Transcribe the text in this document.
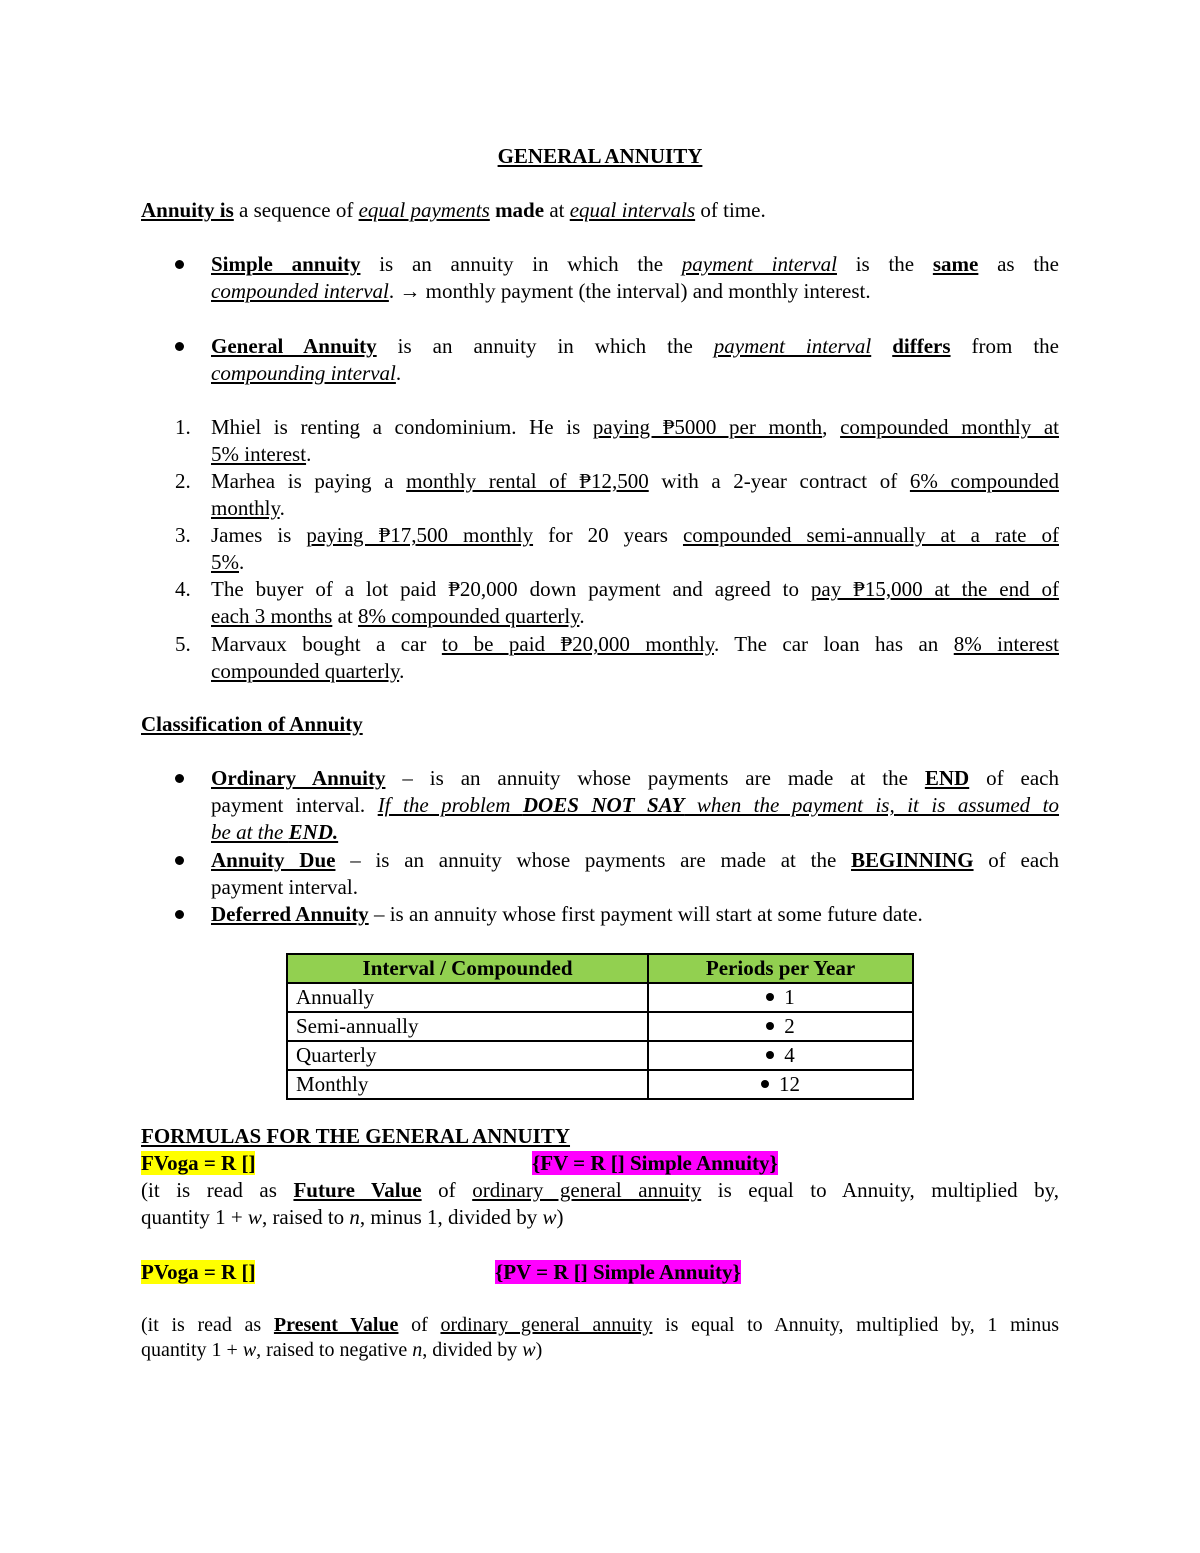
GENERAL ANNUITY
Annuity is a sequence of equal payments made at equal intervals of time.
Simple annuity is an annuity in which the payment interval is the same as the
compounded interval. → monthly payment (the interval) and monthly interest.
General Annuity is an annuity in which the payment interval differs from the
compounding interval.
1. Mhiel is renting a condominium. He is paying ₱5000 per month, compounded monthly at
5% interest.
2. Marhea is paying a monthly rental of ₱12,500 with a 2-year contract of 6% compounded
monthly.
3. James is paying ₱17,500 monthly for 20 years compounded semi-annually at a rate of
5%.
4. The buyer of a lot paid ₱20,000 down payment and agreed to pay ₱15,000 at the end of
each 3 months at 8% compounded quarterly.
5. Marvaux bought a car to be paid ₱20,000 monthly. The car loan has an 8% interest
compounded quarterly.
Classification of Annuity
Ordinary Annuity – is an annuity whose payments are made at the END of each
payment interval. If the problem DOES NOT SAY when the payment is, it is assumed to
be at the END.
Annuity Due – is an annuity whose payments are made at the BEGINNING of each
payment interval.
Deferred Annuity – is an annuity whose first payment will start at some future date.
Interval / Compounded	Periods per Year
Annually	1
Semi-annually	2
Quarterly	4
Monthly	12
FORMULAS FOR THE GENERAL ANNUITY
FVoga = R []	{FV = R [] Simple Annuity}
(it is read as Future Value of ordinary general annuity is equal to Annuity, multiplied by,
quantity 1 + w, raised to n, minus 1, divided by w)
PVoga = R []	{PV = R [] Simple Annuity}
(it is read as Present Value of ordinary general annuity is equal to Annuity, multiplied by, 1 minus
quantity 1 + w, raised to negative n, divided by w)
